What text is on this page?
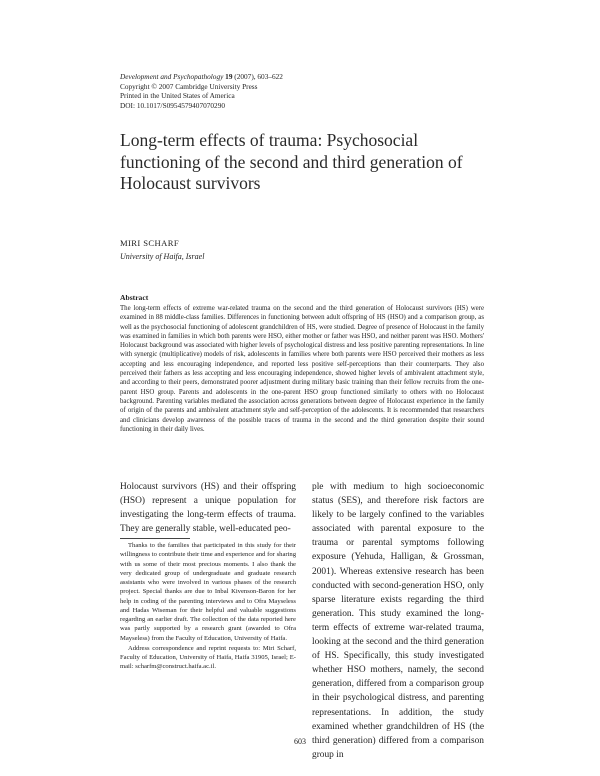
Development and Psychopathology 19 (2007), 603–622
Copyright © 2007 Cambridge University Press
Printed in the United States of America
DOI: 10.1017/S0954579407070290
Long-term effects of trauma: Psychosocial functioning of the second and third generation of Holocaust survivors
MIRI SCHARF
University of Haifa, Israel
Abstract

The long-term effects of extreme war-related trauma on the second and the third generation of Holocaust survivors (HS) were examined in 88 middle-class families. Differences in functioning between adult offspring of HS (HSO) and a comparison group, as well as the psychosocial functioning of adolescent grandchildren of HS, were studied. Degree of presence of Holocaust in the family was examined in families in which both parents were HSO, either mother or father was HSO, and neither parent was HSO. Mothers' Holocaust background was associated with higher levels of psychological distress and less positive parenting representations. In line with synergic (multiplicative) models of risk, adolescents in families where both parents were HSO perceived their mothers as less accepting and less encouraging independence, and reported less positive self-perceptions than their counterparts. They also perceived their fathers as less accepting and less encouraging independence, showed higher levels of ambivalent attachment style, and according to their peers, demonstrated poorer adjustment during military basic training than their fellow recruits from the one-parent HSO group. Parents and adolescents in the one-parent HSO group functioned similarly to others with no Holocaust background. Parenting variables mediated the association across generations between degree of Holocaust experience in the family of origin of the parents and ambivalent attachment style and self-perception of the adolescents. It is recommended that researchers and clinicians develop awareness of the possible traces of trauma in the second and the third generation despite their sound functioning in their daily lives.

Holocaust survivors (HS) and their offspring (HSO) represent a unique population for investigating the long-term effects of trauma. They are generally stable, well-educated peo-

Thanks to the families that participated in this study for their willingness to contribute their time and experience and for sharing with us some of their most precious moments. I also thank the very dedicated group of undergraduate and graduate research assistants who were involved in various phases of the research project. Special thanks are due to Inbal Kivenson-Baron for her help in coding of the parenting interviews and to Ofra Mayseless and Hadas Wiseman for their helpful and valuable suggestions regarding an earlier draft. The collection of the data reported here was partly supported by a research grant (awarded to Ofra Mayseless) from the Faculty of Education, University of Haifa.

Address correspondence and reprint requests to: Miri Scharf, Faculty of Education, University of Haifa, Haifa 31905, Israel; E-mail: scharfm@construct.haifa.ac.il.

ple with medium to high socioeconomic status (SES), and therefore risk factors are likely to be largely confined to the variables associated with parental exposure to the trauma or parental symptoms following exposure (Yehuda, Halligan, & Grossman, 2001). Whereas extensive research has been conducted with second-generation HSO, only sparse literature exists regarding the third generation. This study examined the long-term effects of extreme war-related trauma, looking at the second and the third generation of HS. Specifically, this study investigated whether HSO mothers, namely, the second generation, differed from a comparison group in their psychological distress, and parenting representations. In addition, the study examined whether grandchildren of HS (the third generation) differed from a comparison group in

603
